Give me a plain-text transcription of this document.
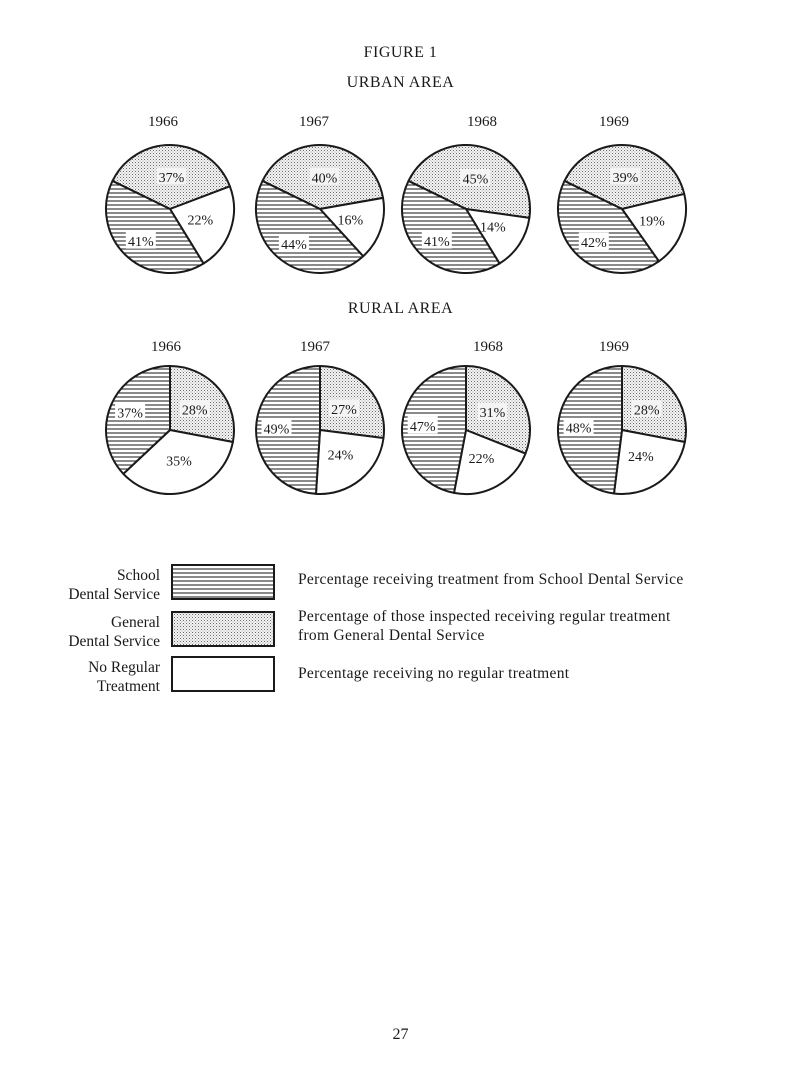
FIGURE 1
URBAN AREA
RURAL AREA
1966
37%
22%
41%
1967
40%
16%
44%
1968
45%
14%
41%
1969
39%
19%
42%
1966
28%
35%
37%
1967
27%
24%
49%
1968
31%
22%
47%
1969
28%
24%
48%
School
Dental Service
Percentage receiving treatment from School Dental Service
General
Dental Service
Percentage of those inspected receiving regular treatment
from General Dental Service
No Regular
Treatment
Percentage receiving no regular treatment
27
